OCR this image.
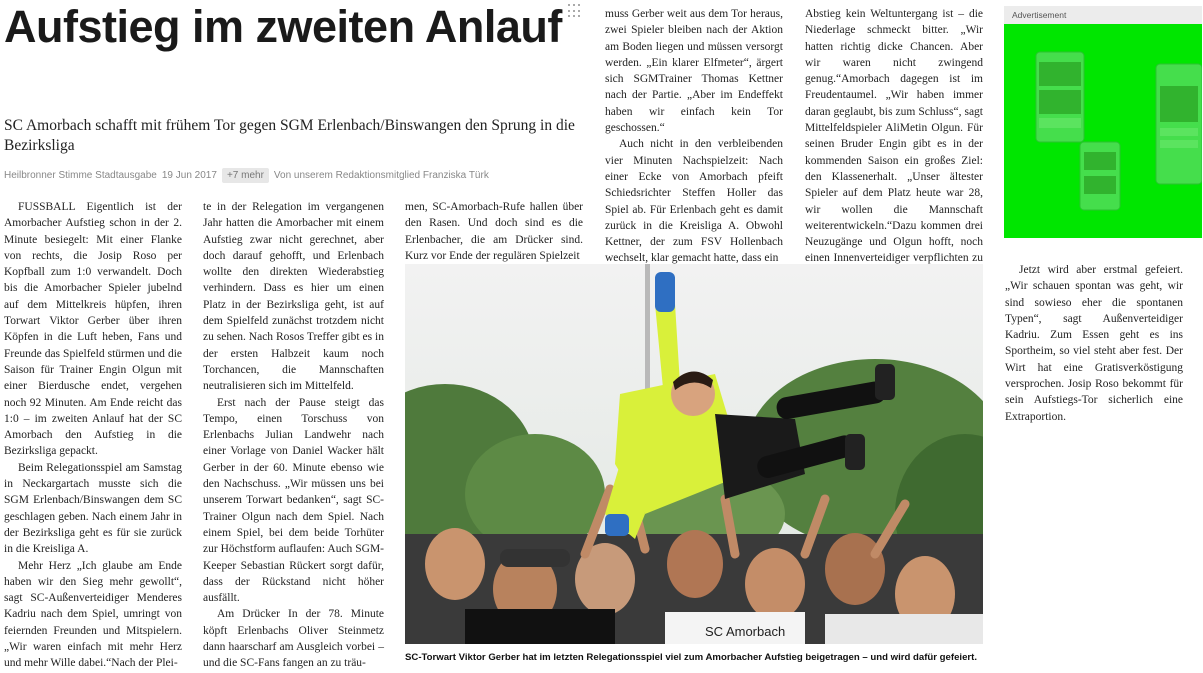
Aufstieg im zweiten Anlauf
SC Amorbach schafft mit frühem Tor gegen SGM Erlenbach/Binswangen den Sprung in die Bezirksliga
Heilbronner Stimme Stadtausgabe 19 Jun 2017	+7 mehr	Von unserem Redaktionsmitglied Franziska Türk

FUSSBALL Eigentlich ist der Amorbacher Aufstieg schon in der 2. Minute besiegelt: Mit einer Flanke von rechts, die Josip Roso per Kopfball zum 1:0 verwandelt. Doch bis die Amorbacher Spieler jubelnd auf dem Mittelkreis hüpfen, ihren Torwart Viktor Gerber über ihren Köpfen in die Luft heben, Fans und Freunde das Spielfeld stürmen und die Saison für Trainer Engin Olgun mit einer Bierdusche endet, vergehen noch 92 Minuten. Am Ende reicht das 1:0 – im zweiten Anlauf hat der SC Amorbach den Aufstieg in die Bezirksliga gepackt.

Beim Relegationsspiel am Samstag in Neckargartach musste sich die SGM Erlenbach/Binswangen dem SC geschlagen geben. Nach einem Jahr in der Bezirksliga geht es für sie zurück in die Kreisliga A.

Mehr Herz „Ich glaube am Ende haben wir den Sieg mehr gewollt“, sagt SC-Außenverteidiger Menderes Kadriu nach dem Spiel, umringt von feiernden Freunden und Mitspielern. „Wir waren einfach mit mehr Herz und mehr Wille dabei.“Nach der Plei-

te in der Relegation im vergangenen Jahr hatten die Amorbacher mit einem Aufstieg zwar nicht gerechnet, aber doch darauf gehofft, und Erlenbach wollte den direkten Wiederabstieg verhindern. Dass es hier um einen Platz in der Bezirksliga geht, ist auf dem Spielfeld zunächst trotzdem nicht zu sehen. Nach Rosos Treffer gibt es in der ersten Halbzeit kaum noch Torchancen, die Mannschaften neutralisieren sich im Mittelfeld.

Erst nach der Pause steigt das Tempo, einen Torschuss von Erlenbachs Julian Landwehr nach einer Vorlage von Daniel Wacker hält Gerber in der 60. Minute ebenso wie den Nachschuss. „Wir müssen uns bei unserem Torwart bedanken“, sagt SC-Trainer Olgun nach dem Spiel. Nach einem Spiel, bei dem beide Torhüter zur Höchstform auflaufen: Auch SGM-Keeper Sebastian Rückert sorgt dafür, dass der Rückstand nicht höher ausfällt.

Am Drücker In der 78. Minute köpft Erlenbachs Oliver Steinmetz dann haarscharf am Ausgleich vorbei – und die SC-Fans fangen an zu träu-

men, SC-Amorbach-Rufe hallen über den Rasen. Und doch sind es die Erlenbacher, die am Drücker sind. Kurz vor Ende der regulären Spielzeit

muss Gerber weit aus dem Tor heraus, zwei Spieler bleiben nach der Aktion am Boden liegen und müssen versorgt werden. „Ein klarer Elfmeter“, ärgert sich SGMTrainer Thomas Kettner nach der Partie. „Aber im Endeffekt haben wir einfach kein Tor geschossen.“

Auch nicht in den verbleibenden vier Minuten Nachspielzeit: Nach einer Ecke von Amorbach pfeift Schiedsrichter Steffen Holler das Spiel ab. Für Erlenbach geht es damit zurück in die Kreisliga A. Obwohl Kettner, der zum FSV Hollenbach wechselt, klar gemacht hatte, dass ein

Abstieg kein Weltuntergang ist – die Niederlage schmeckt bitter. „Wir hatten richtig dicke Chancen. Aber wir waren nicht zwingend genug.“Amorbach dagegen ist im Freudentaumel. „Wir haben immer daran geglaubt, bis zum Schluss“, sagt Mittelfeldspieler AliMetin Olgun. Für seinen Bruder Engin gibt es in der kommenden Saison ein großes Ziel: den Klassenerhalt. „Unser ältester Spieler auf dem Platz heute war 28, wir wollen die Mannschaft weiterentwickeln.“Dazu kommen drei Neuzugänge und Olgun hofft, noch einen Innenverteidiger verpflichten zu

Jetzt wird aber erstmal gefeiert. „Wir schauen spontan was geht, wir sind sowieso eher die spontanen Typen“, sagt Außenverteidiger Kadriu. Zum Essen geht es ins Sportheim, so viel steht aber fest. Der Wirt hat eine Gratisverköstigung versprochen. Josip Roso bekommt für sein Aufstiegs-Tor sicherlich eine Extraportion.

Advertisement
SC Amorbach
SC-Torwart Viktor Gerber hat im letzten Relegationsspiel viel zum Amorbacher Aufstieg beigetragen – und wird dafür gefeiert.
